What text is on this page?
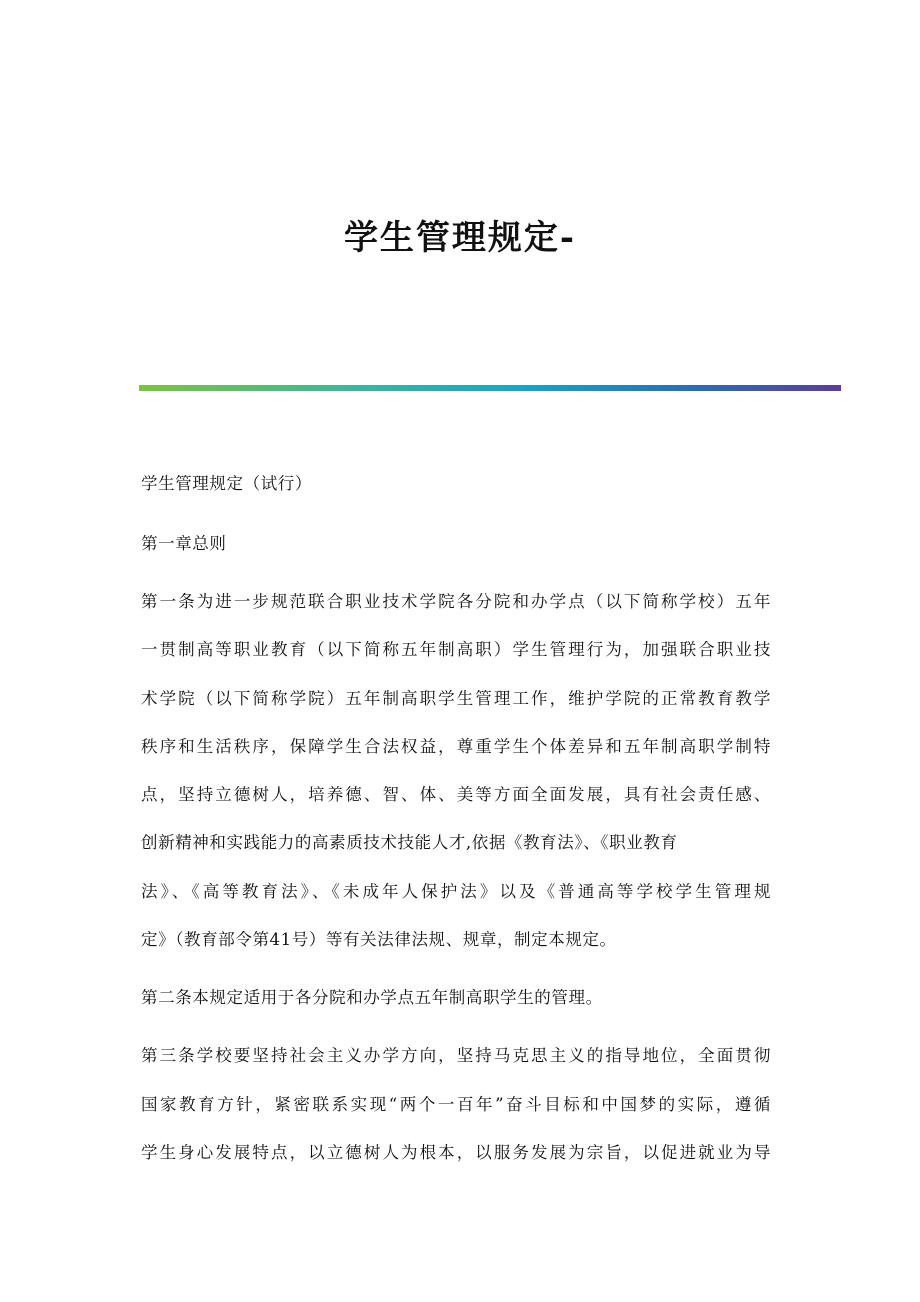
学生管理规定-

学生管理规定（试行）

第一章总则

第一条为进一步规范联合职业技术学院各分院和办学点（以下简称学校）五年
一贯制高等职业教育（以下简称五年制高职）学生管理行为，加强联合职业技
术学院（以下简称学院）五年制高职学生管理工作，维护学院的正常教育教学
秩序和生活秩序，保障学生合法权益，尊重学生个体差异和五年制高职学制特
点，坚持立德树人，培养德、智、体、美等方面全面发展，具有社会责任感、
创新精神和实践能力的高素质技术技能人才,依据《教育法》、《职业教育
法》、《高等教育法》、《未成年人保护法》以及《普通高等学校学生管理规
定》（教育部令第41号）等有关法律法规、规章，制定本规定。

第二条本规定适用于各分院和办学点五年制高职学生的管理。

第三条学校要坚持社会主义办学方向，坚持马克思主义的指导地位，全面贯彻
国家教育方针，紧密联系实现“两个一百年”奋斗目标和中国梦的实际，遵循
学生身心发展特点，以立德树人为根本，以服务发展为宗旨，以促进就业为导
